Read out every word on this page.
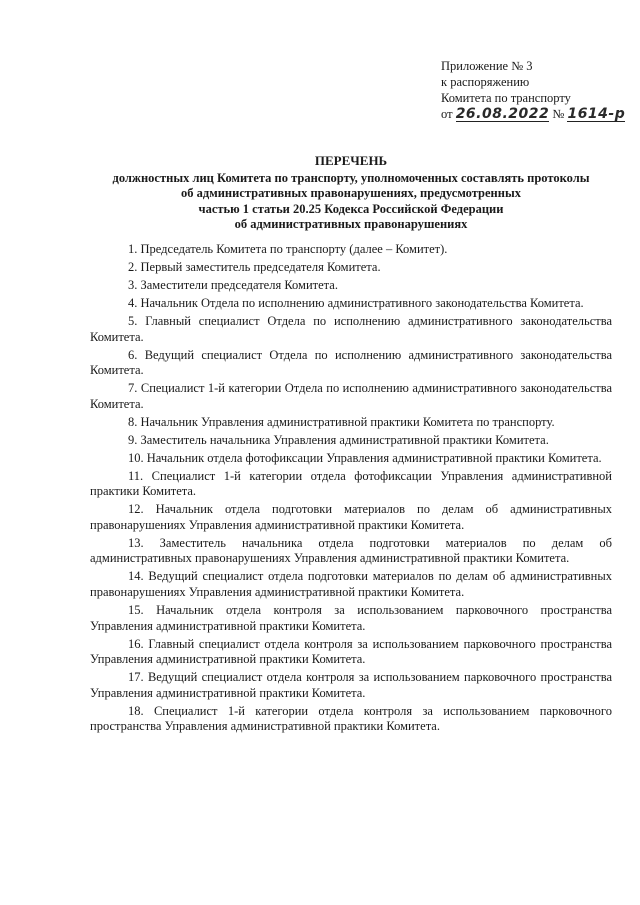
Приложение № 3
к распоряжению
Комитета по транспорту
от 26.08.2022 № 1614-р
ПЕРЕЧЕНЬ
должностных лиц Комитета по транспорту, уполномоченных составлять протоколы
об административных правонарушениях, предусмотренных
частью 1 статьи 20.25 Кодекса Российской Федерации
об административных правонарушениях

1. Председатель Комитета по транспорту (далее – Комитет).

2. Первый заместитель председателя Комитета.

3. Заместители председателя Комитета.

4. Начальник Отдела по исполнению административного законодательства Комитета.

5. Главный специалист Отдела по исполнению административного законодательства Комитета.

6. Ведущий специалист Отдела по исполнению административного законодательства Комитета.

7. Специалист 1-й категории Отдела по исполнению административного законодательства Комитета.

8. Начальник Управления административной практики Комитета по транспорту.

9. Заместитель начальника Управления административной практики Комитета.

10. Начальник отдела фотофиксации Управления административной практики Комитета.

11. Специалист 1-й категории отдела фотофиксации Управления административной практики Комитета.

12. Начальник отдела подготовки материалов по делам об административных правонарушениях Управления административной практики Комитета.

13. Заместитель начальника отдела подготовки материалов по делам об административных правонарушениях Управления административной практики Комитета.

14. Ведущий специалист отдела подготовки материалов по делам об административных правонарушениях Управления административной практики Комитета.

15. Начальник отдела контроля за использованием парковочного пространства Управления административной практики Комитета.

16. Главный специалист отдела контроля за использованием парковочного пространства Управления административной практики Комитета.

17. Ведущий специалист отдела контроля за использованием парковочного пространства Управления административной практики Комитета.

18. Специалист 1-й категории отдела контроля за использованием парковочного пространства Управления административной практики Комитета.
